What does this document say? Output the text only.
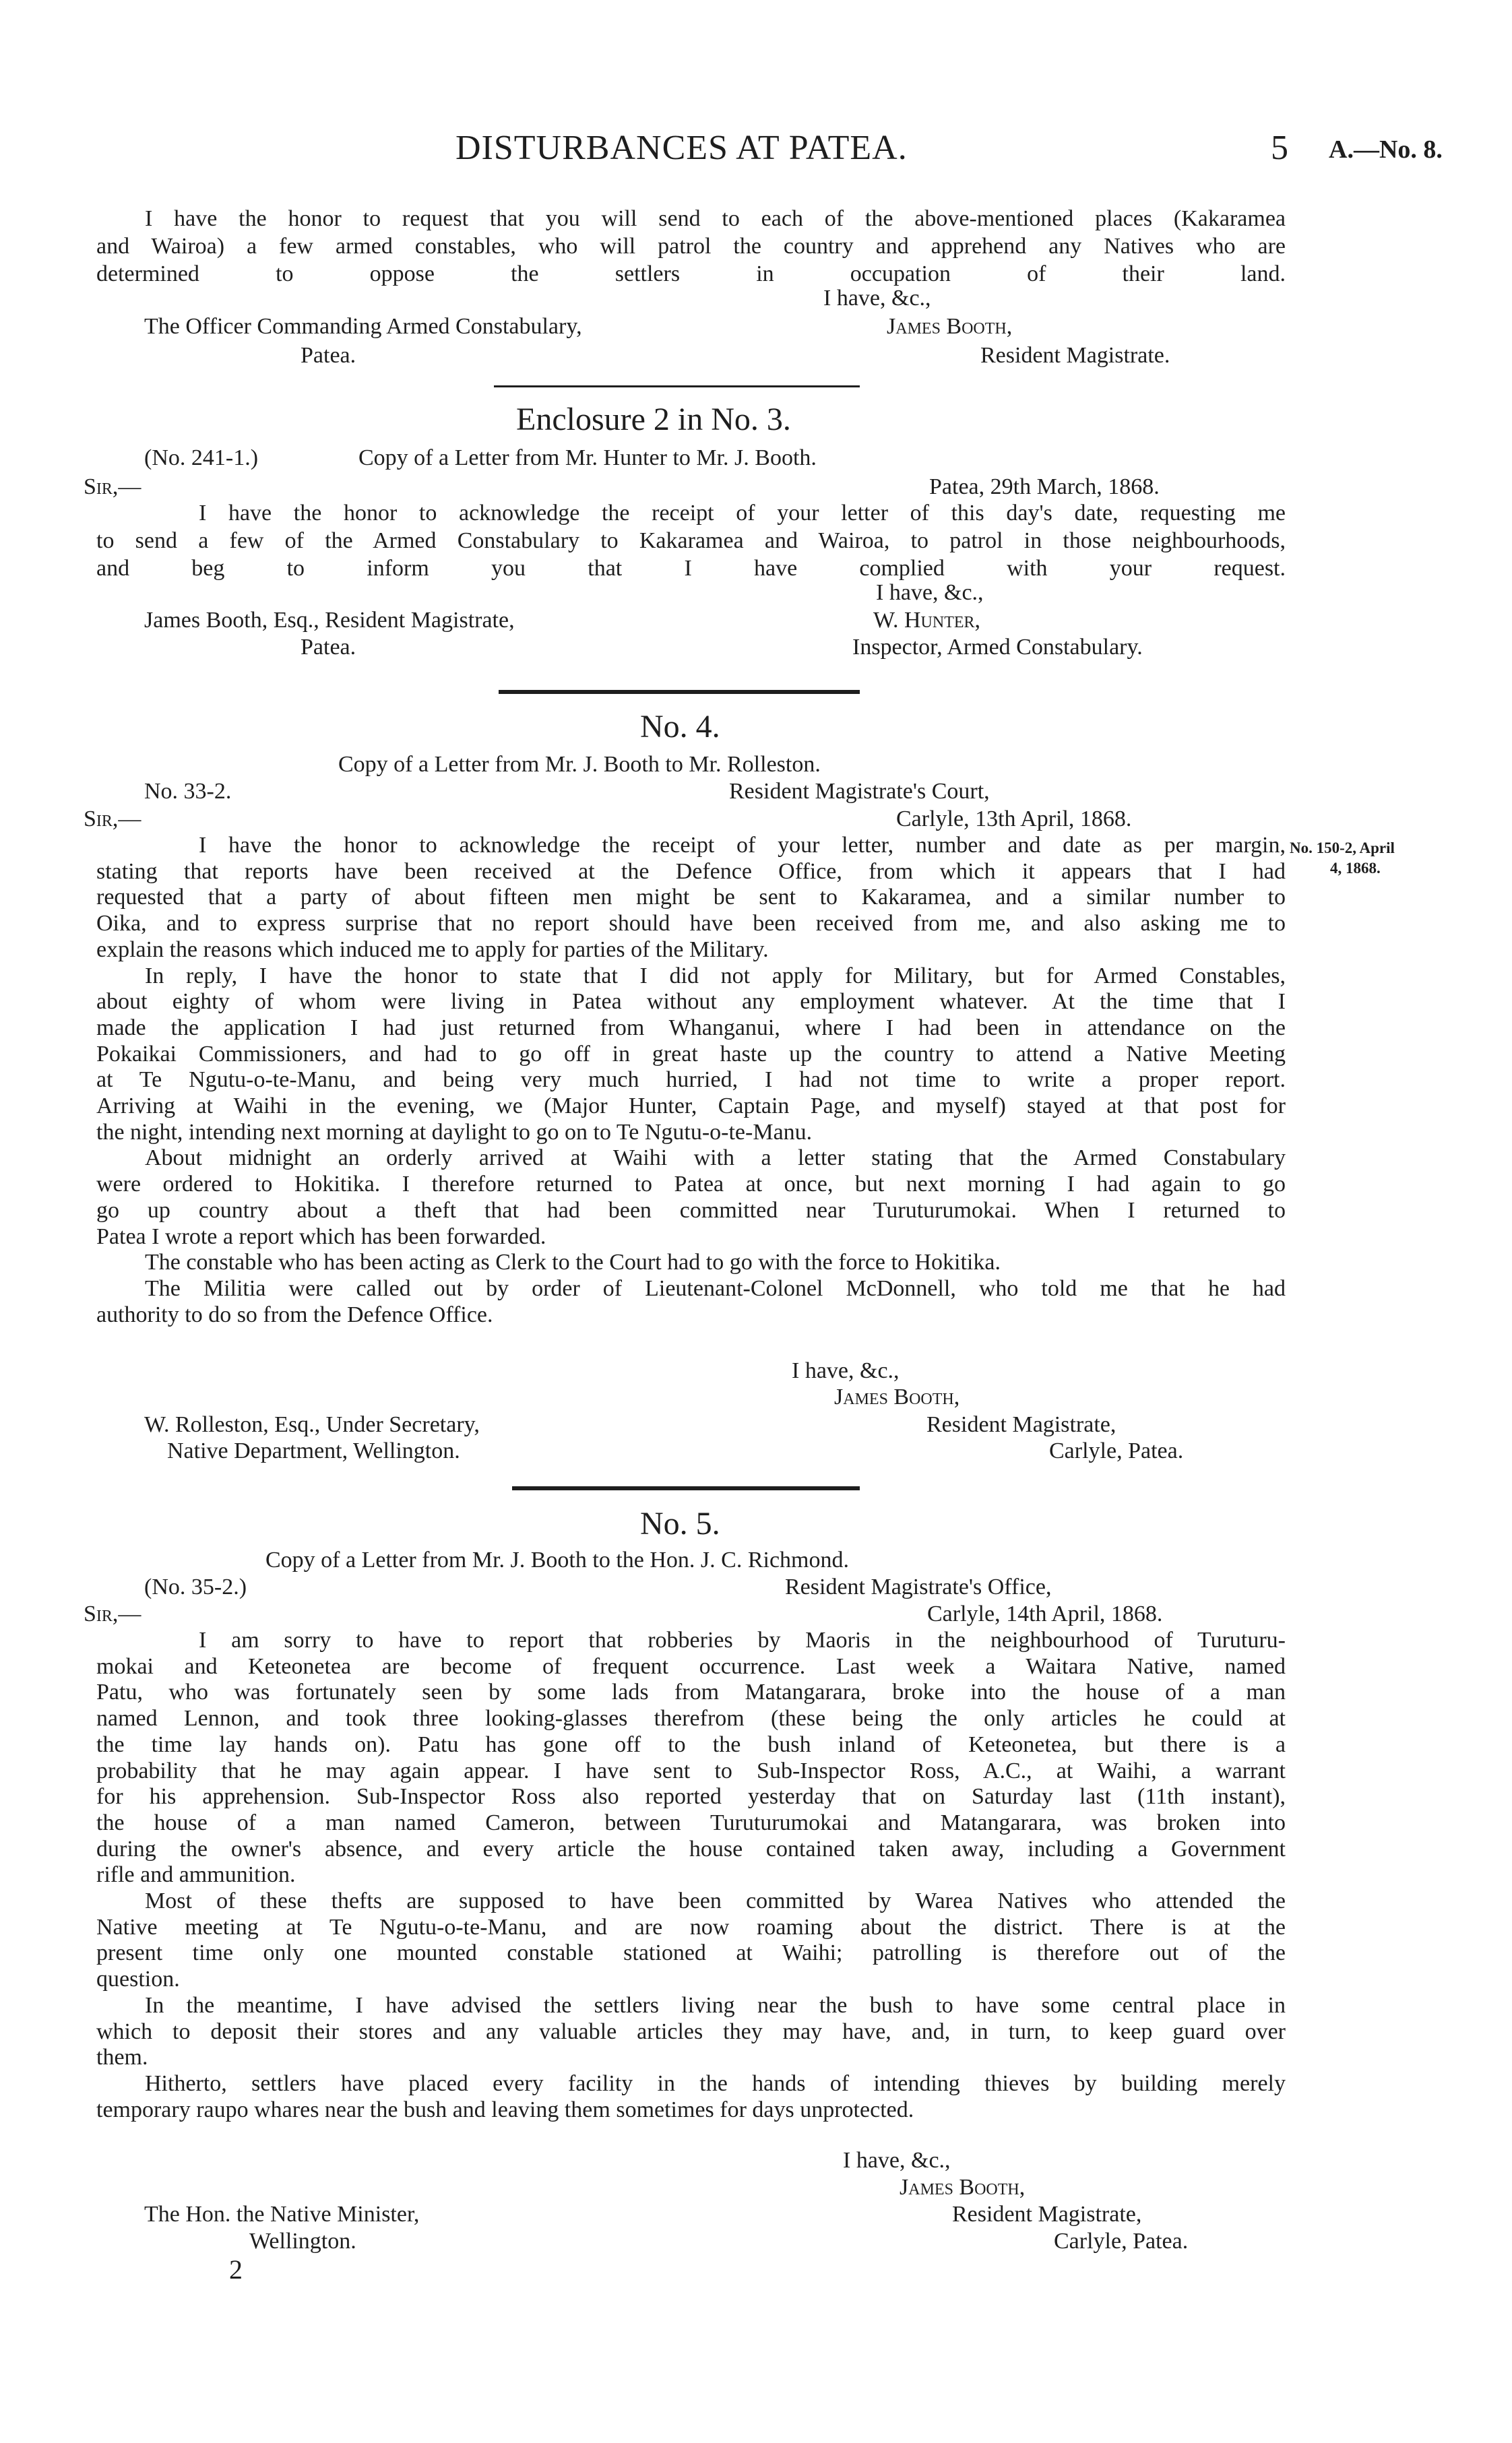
DISTURBANCES AT PATEA.	5 A.—No. 8.
I have the honor to request that you will send to each of the above-mentioned places (Kakaramea
and Wairoa) a few armed constables, who will patrol the country and apprehend any Natives who are
determined to oppose the settlers in occupation of their land.
I have, &c.,
The Officer Commanding Armed Constabulary,
Patea.
James Booth,
Resident Magistrate.
Enclosure 2 in No. 3.
(No. 241-1.)	Copy of a Letter from Mr. Hunter to Mr. J. Booth.
Sir,—	Patea, 29th March, 1868.
I have the honor to acknowledge the receipt of your letter of this day's date, requesting me
to send a few of the Armed Constabulary to Kakaramea and Wairoa, to patrol in those neighbourhoods,
and beg to inform you that I have complied with your request.
I have, &c.,
James Booth, Esq., Resident Magistrate,
Patea.
W. Hunter,
Inspector, Armed Constabulary.
No. 4.
Copy of a Letter from Mr. J. Booth to Mr. Rolleston.
No. 33-2.	Resident Magistrate's Court,
Sir,—	Carlyle, 13th April, 1868.
No. 150-2, April
4, 1868.
I have the honor to acknowledge the receipt of your letter, number and date as per margin,
stating that reports have been received at the Defence Office, from which it appears that I had
requested that a party of about fifteen men might be sent to Kakaramea, and a similar number to
Oika, and to express surprise that no report should have been received from me, and also asking me to
explain the reasons which induced me to apply for parties of the Military.
In reply, I have the honor to state that I did not apply for Military, but for Armed Constables,
about eighty of whom were living in Patea without any employment whatever. At the time that I
made the application I had just returned from Whanganui, where I had been in attendance on the
Pokaikai Commissioners, and had to go off in great haste up the country to attend a Native Meeting
at Te Ngutu-o-te-Manu, and being very much hurried, I had not time to write a proper report.
Arriving at Waihi in the evening, we (Major Hunter, Captain Page, and myself) stayed at that post for
the night, intending next morning at daylight to go on to Te Ngutu-o-te-Manu.
About midnight an orderly arrived at Waihi with a letter stating that the Armed Constabulary
were ordered to Hokitika. I therefore returned to Patea at once, but next morning I had again to go
go up country about a theft that had been committed near Turuturumokai. When I returned to
Patea I wrote a report which has been forwarded.
The constable who has been acting as Clerk to the Court had to go with the force to Hokitika.
The Militia were called out by order of Lieutenant-Colonel McDonnell, who told me that he had
authority to do so from the Defence Office.
I have, &c.,
James Booth,
W. Rolleston, Esq., Under Secretary,	Resident Magistrate,
Native Department, Wellington.	Carlyle, Patea.
No. 5.
Copy of a Letter from Mr. J. Booth to the Hon. J. C. Richmond.
(No. 35-2.)	Resident Magistrate's Office,
Sir,—	Carlyle, 14th April, 1868.
I am sorry to have to report that robberies by Maoris in the neighbourhood of Turuturu-
mokai and Keteonetea are become of frequent occurrence. Last week a Waitara Native, named
Patu, who was fortunately seen by some lads from Matangarara, broke into the house of a man
named Lennon, and took three looking-glasses therefrom (these being the only articles he could at
the time lay hands on). Patu has gone off to the bush inland of Keteonetea, but there is a
probability that he may again appear. I have sent to Sub-Inspector Ross, A.C., at Waihi, a warrant
for his apprehension. Sub-Inspector Ross also reported yesterday that on Saturday last (11th instant),
the house of a man named Cameron, between Turuturumokai and Matangarara, was broken into
during the owner's absence, and every article the house contained taken away, including a Government
rifle and ammunition.
Most of these thefts are supposed to have been committed by Warea Natives who attended the
Native meeting at Te Ngutu-o-te-Manu, and are now roaming about the district. There is at the
present time only one mounted constable stationed at Waihi; patrolling is therefore out of the
question.
In the meantime, I have advised the settlers living near the bush to have some central place in
which to deposit their stores and any valuable articles they may have, and, in turn, to keep guard over
them.
Hitherto, settlers have placed every facility in the hands of intending thieves by building merely
temporary raupo whares near the bush and leaving them sometimes for days unprotected.
I have, &c.,
James Booth,
The Hon. the Native Minister,	Resident Magistrate,
Wellington.	Carlyle, Patea.
2
